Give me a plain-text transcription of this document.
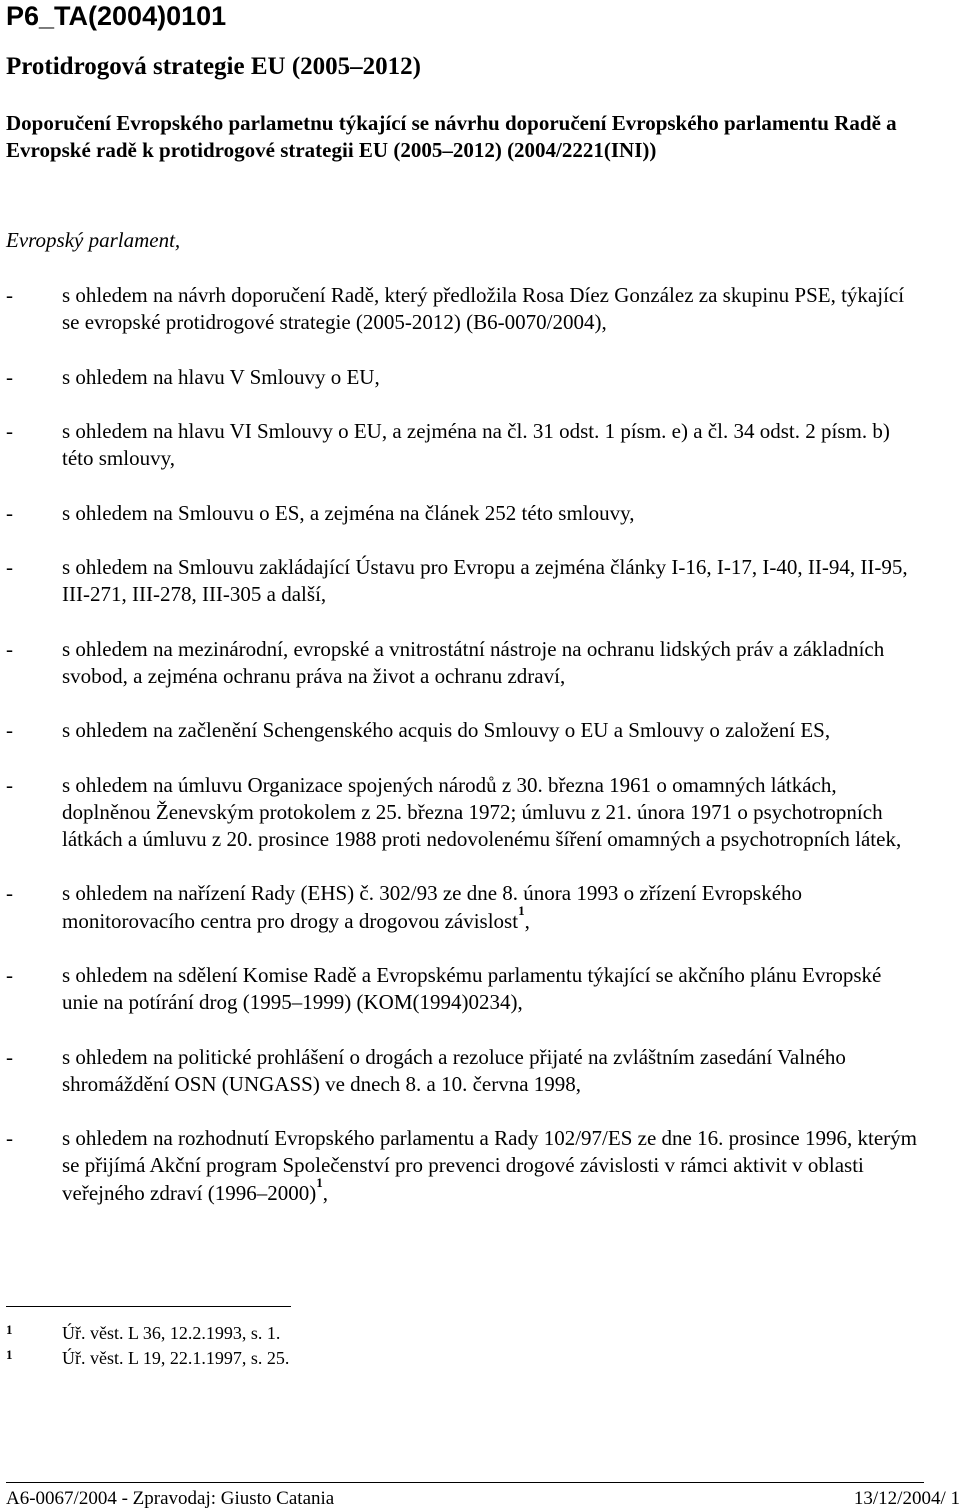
P6_TA(2004)0101
Protidrogová strategie EU (2005–2012)
Doporučení Evropského parlametnu týkající se návrhu doporučení Evropského parlamentu Radě a Evropské radě k protidrogové strategii EU (2005–2012) (2004/2221(INI))
Evropský parlament,
- s ohledem na návrh doporučení Radě, který předložila Rosa Díez González za skupinu PSE, týkající se evropské protidrogové strategie (2005-2012) (B6-0070/2004),
- s ohledem na hlavu V Smlouvy o EU,
- s ohledem na hlavu VI Smlouvy o EU, a zejména na čl. 31 odst. 1 písm. e) a čl. 34 odst. 2 písm. b) této smlouvy,
- s ohledem na Smlouvu o ES, a zejména na článek 252 této smlouvy,
- s ohledem na Smlouvu zakládající Ústavu pro Evropu a zejména články I-16, I-17, I-40, II-94, II-95, III-271, III-278, III-305 a další,
- s ohledem na mezinárodní, evropské a vnitrostátní nástroje na ochranu lidských práv a základních svobod, a zejména ochranu práva na život a ochranu zdraví,
- s ohledem na začlenění Schengenského acquis do Smlouvy o EU a Smlouvy o založení ES,
- s ohledem na úmluvu Organizace spojených národů z 30. března 1961 o omamných látkách, doplněnou Ženevským protokolem z 25. března 1972; úmluvu z 21. února 1971 o psychotropních látkách a úmluvu z 20. prosince 1988 proti nedovolenému šíření omamných a psychotropních látek,
- s ohledem na nařízení Rady (EHS) č. 302/93 ze dne 8. února 1993 o zřízení Evropského monitorovacího centra pro drogy a drogovou závislost$^1$,
- s ohledem na sdělení Komise Radě a Evropskému parlamentu týkající se akčního plánu Evropské unie na potírání drog (1995–1999) (KOM(1994)0234),
- s ohledem na politické prohlášení o drogách a rezoluce přijaté na zvláštním zasedání Valného shromáždění OSN (UNGASS) ve dnech 8. a 10. června 1998,
- s ohledem na rozhodnutí Evropského parlamentu a Rady 102/97/ES ze dne 16. prosince 1996, kterým se přijímá Akční program Společenství pro prevenci drogové závislosti v rámci aktivit v oblasti veřejného zdraví (1996–2000)$^1$,
1	Úř. věst. L 36, 12.2.1993, s. 1.
1	Úř. věst. L 19, 22.1.1997, s. 25.
A6-0067/2004 - Zpravodaj: Giusto Catania	13/12/2004/ 1
